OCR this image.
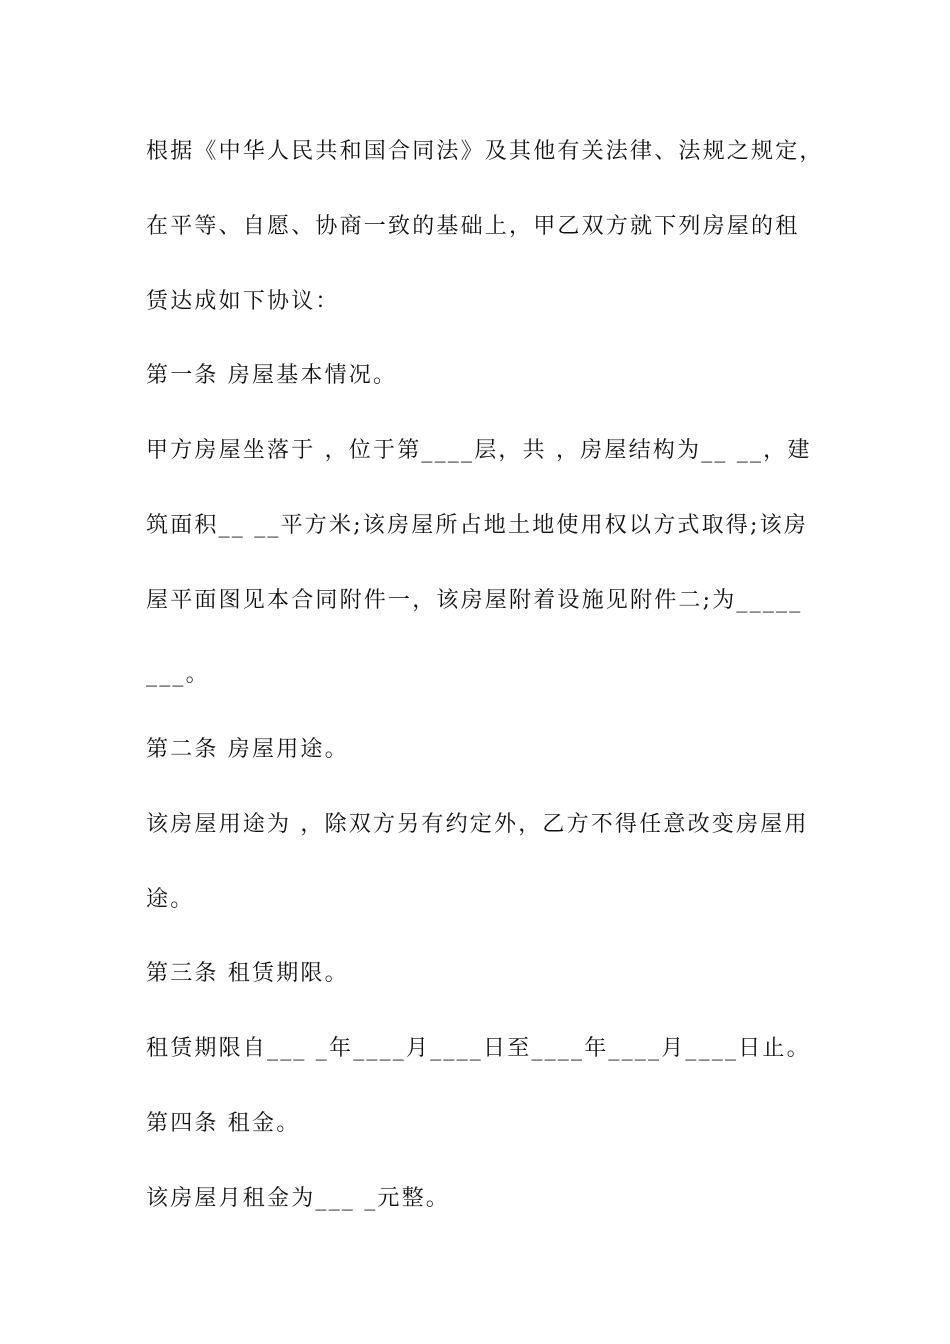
根据《中华人民共和国合同法》及其他有关法律、法规之规定，
在平等、自愿、协商一致的基础上，甲乙双方就下列房屋的租
赁达成如下协议：
第一条 房屋基本情况。
甲方房屋坐落于 ，位于第____层，共 ，房屋结构为__ __，建
筑面积__ __平方米;该房屋所占地土地使用权以方式取得;该房
屋平面图见本合同附件一，该房屋附着设施见附件二;为_____
___。
第二条 房屋用途。
该房屋用途为 ，除双方另有约定外，乙方不得任意改变房屋用
途。
第三条 租赁期限。
租赁期限自___ _年____月____日至____年____月____日止。
第四条 租金。
该房屋月租金为___ _元整。
